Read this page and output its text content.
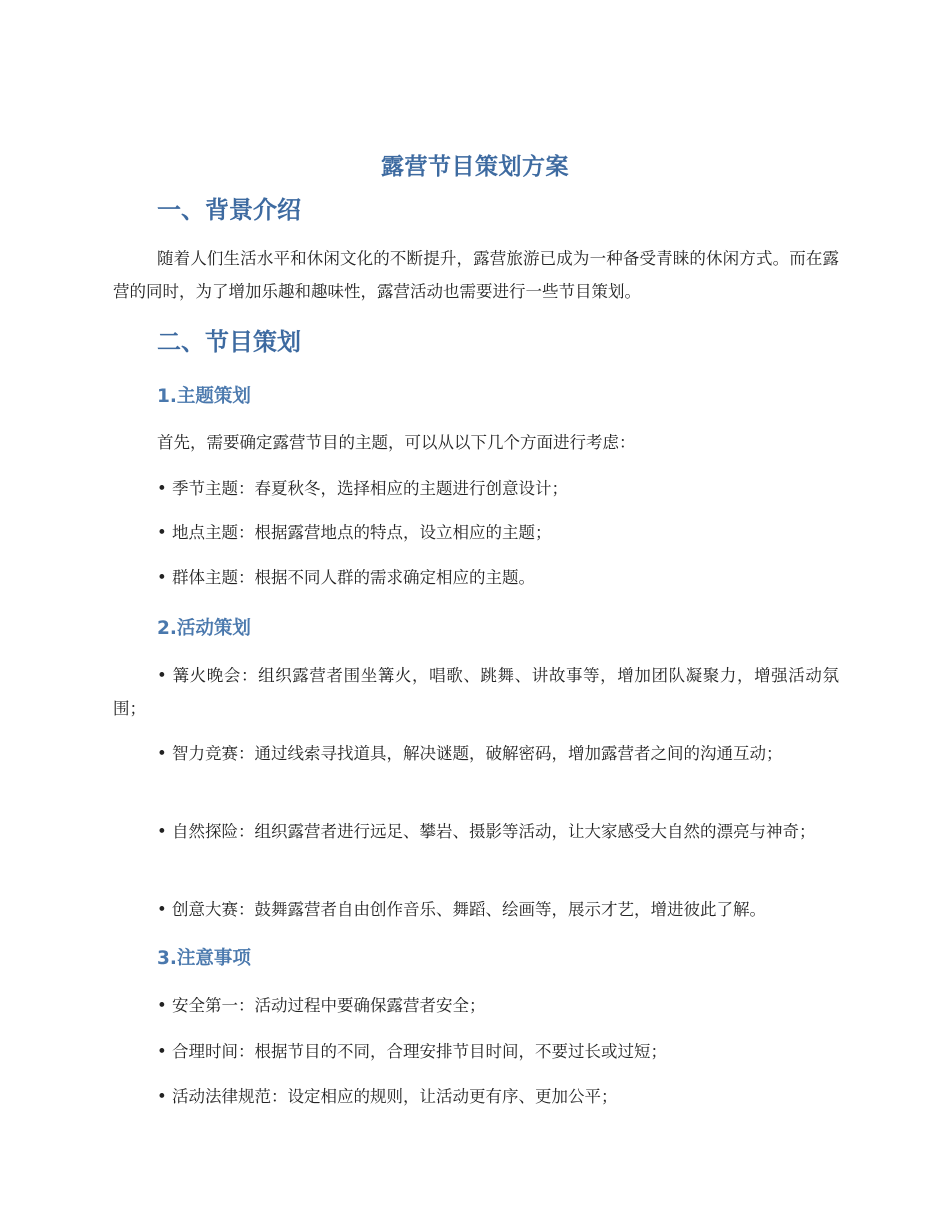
露营节目策划方案
一、背景介绍
随着人们生活水平和休闲文化的不断提升，露营旅游已成为一种备受青睐的休闲方式。而在露营的同时，为了增加乐趣和趣味性，露营活动也需要进行一些节目策划。
二、节目策划
1.主题策划
首先，需要确定露营节目的主题，可以从以下几个方面进行考虑：
• 季节主题：春夏秋冬，选择相应的主题进行创意设计；
• 地点主题：根据露营地点的特点，设立相应的主题；
• 群体主题：根据不同人群的需求确定相应的主题。
2.活动策划
• 篝火晚会：组织露营者围坐篝火，唱歌、跳舞、讲故事等，增加团队凝聚力，增强活动氛围；
• 智力竞赛：通过线索寻找道具，解决谜题，破解密码，增加露营者之间的沟通互动；
• 自然探险：组织露营者进行远足、攀岩、摄影等活动，让大家感受大自然的漂亮与神奇；
• 创意大赛：鼓舞露营者自由创作音乐、舞蹈、绘画等，展示才艺，增进彼此了解。
3.注意事项
• 安全第一：活动过程中要确保露营者安全；
• 合理时间：根据节目的不同，合理安排节目时间，不要过长或过短；
• 活动法律规范：设定相应的规则，让活动更有序、更加公平；
